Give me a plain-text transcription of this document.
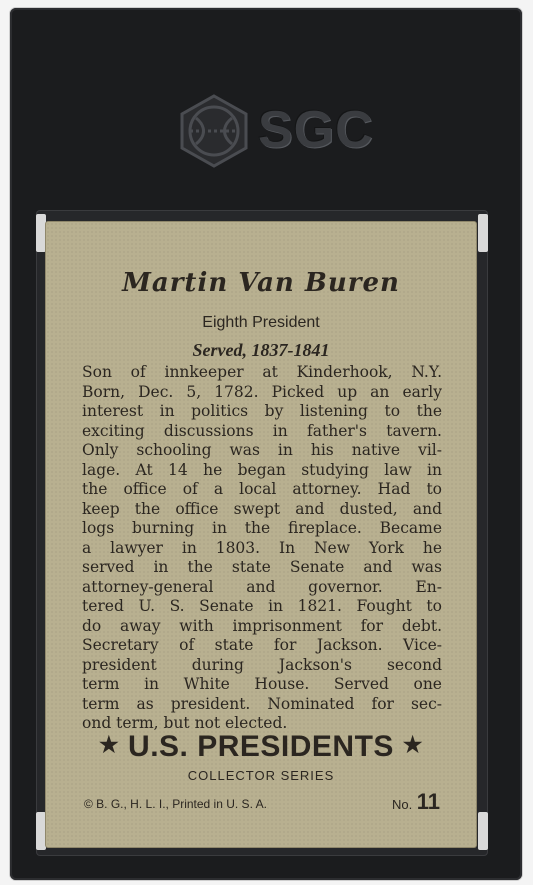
SGC
Martin Van Buren
Eighth President
Served, 1837-1841
Son of innkeeper at Kinderhook, N.Y.
Born, Dec. 5, 1782. Picked up an early
interest in politics by listening to the
exciting discussions in father's tavern.
Only schooling was in his native vil-
lage. At 14 he began studying law in
the office of a local attorney. Had to
keep the office swept and dusted, and
logs burning in the fireplace. Became
a lawyer in 1803. In New York he
served in the state Senate and was
attorney-general and governor. En-
tered U. S. Senate in 1821. Fought to
do away with imprisonment for debt.
Secretary of state for Jackson. Vice-
president during Jackson's second
term in White House. Served one
term as president. Nominated for sec-
ond term, but not elected.
★ U.S. PRESIDENTS ★
COLLECTOR SERIES
© B. G., H. L. I., Printed in U. S. A.	No. 11
